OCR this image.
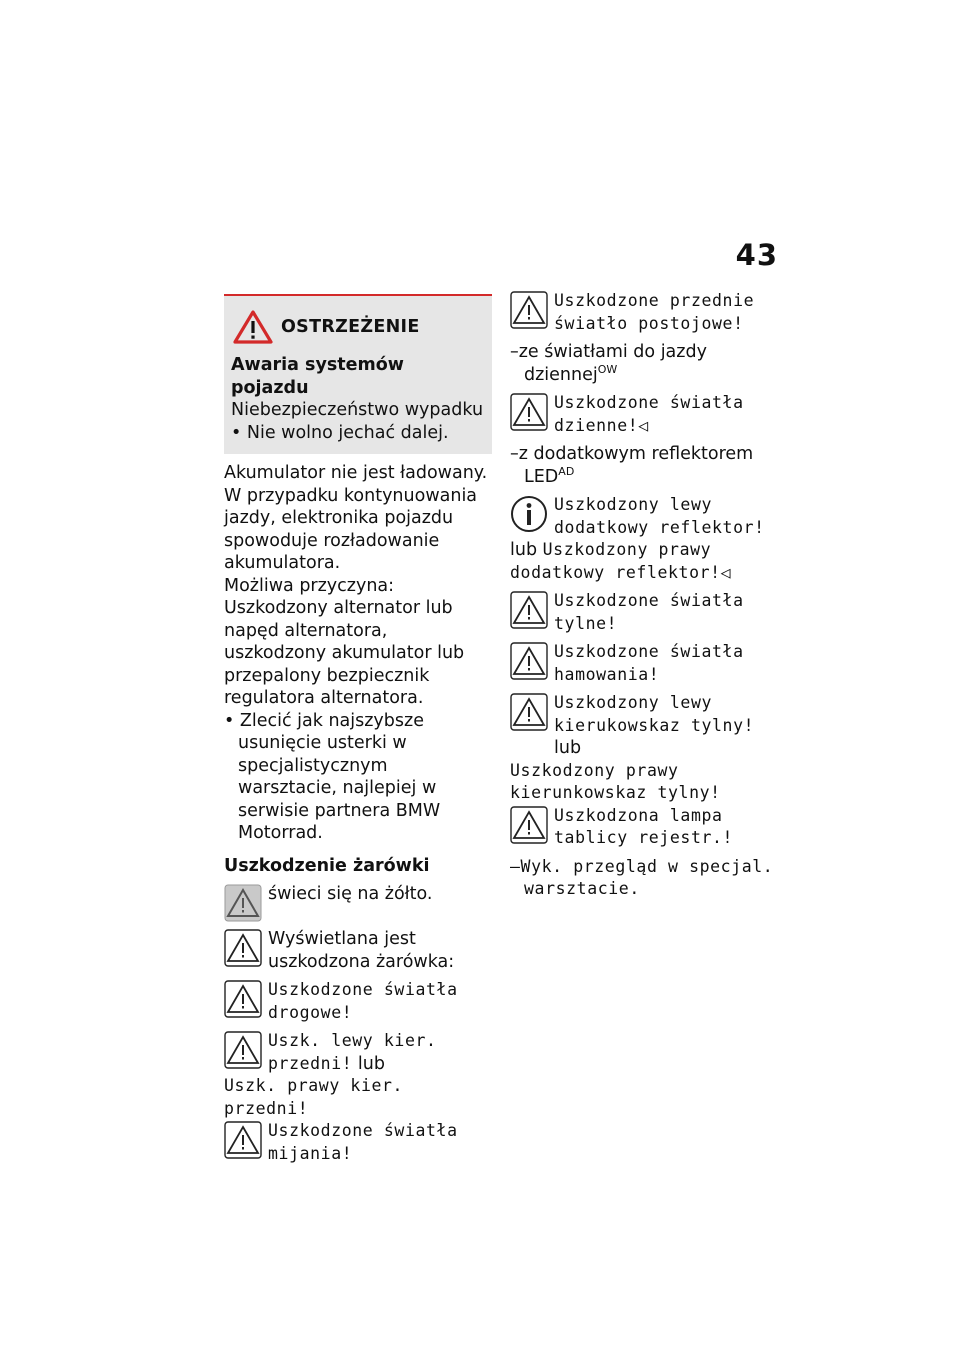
43
OSTRZEŻENIE
Awaria systemów pojazdu
Niebezpieczeństwo wypadku
• Nie wolno jechać dalej.

Akumulator nie jest ładowany. W przypadku kontynuowania jazdy, elektronika pojazdu spowoduje rozładowanie akumulatora.

Możliwa przyczyna:

Uszkodzony alternator lub napęd alternatora, uszkodzony akumulator lub przepalony bezpiecznik regulatora alternatora.

• Zlecić jak najszybsze usunięcie usterki w specjalistycznym warsztacie, najlepiej w serwisie partnera BMW Motorrad.

Uszkodzenie żarówki
świeci się na żółto.
Wyświetlana jest uszkodzona żarówka:
Uszkodzone światła drogowe!
Uszk. lewy kier. przedni! lub
Uszk. prawy kier. przedni!
Uszkodzone światła mijania!
Uszkodzone przednie światło postojowe!
–ze światłami do jazdy dziennej$^{OW}$
Uszkodzone światła dzienne!◁
–z dodatkowym reflektorem $LED^{AD}$
Uszkodzony lewy dodatkowy reflektor!
lub Uszkodzony prawy dodatkowy reflektor!◁
Uszkodzone światła tylne!
Uszkodzone światła hamowania!
Uszkodzony lewy kierukowskaz tylny! lub
Uszkodzony prawy kierunkowskaz tylny!
Uszkodzona lampa tablicy rejestr.!
–Wyk. przegląd w specjal. warsztacie.
